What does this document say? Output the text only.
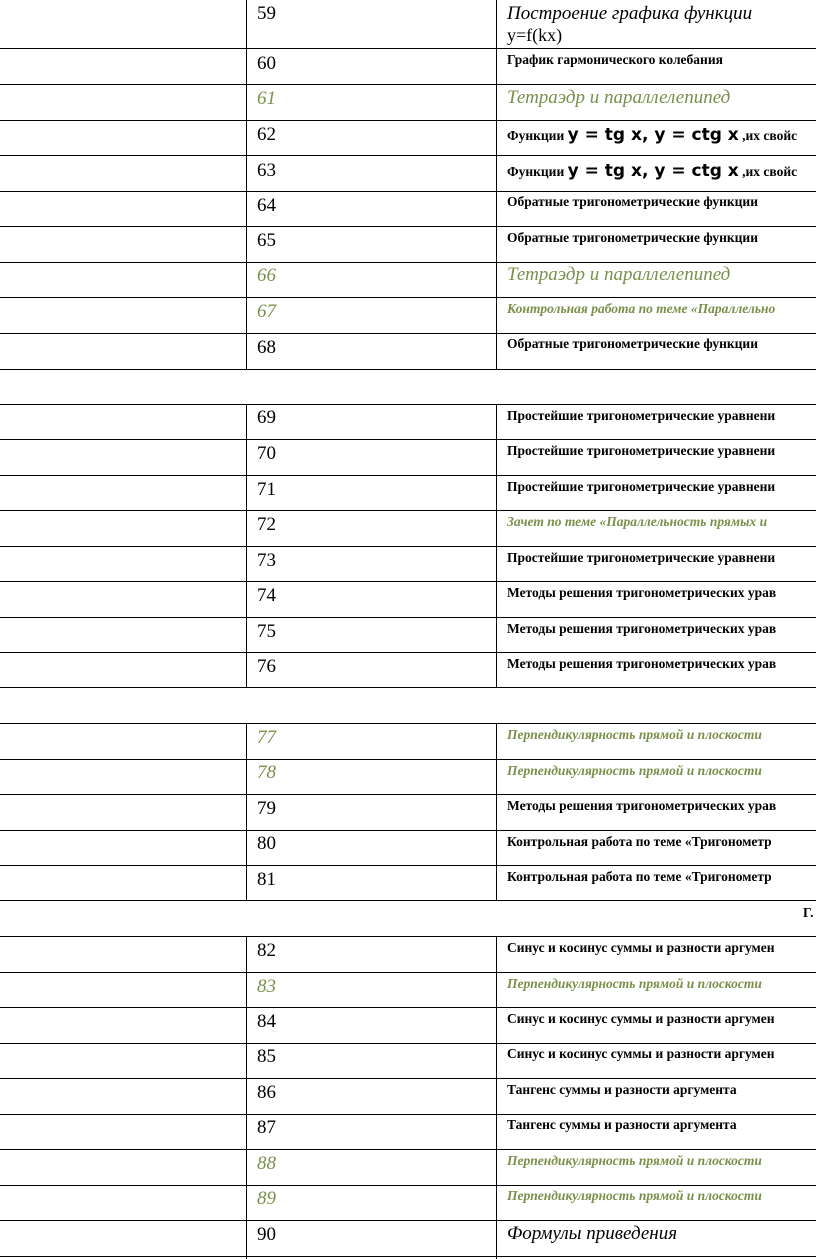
59	Построение графика функции
y=f(kx)
60	График гармонического колебания
61	Тетраэдр и параллелепипед
62	Функции y = tg x, y = ctg x ,их свойс
63	Функции y = tg x, y = ctg x ,их свойс
64	Обратные тригонометрические функции
65	Обратные тригонометрические функции
66	Тетраэдр и параллелепипед
67	Контрольная работа по теме «Параллельно
68	Обратные тригонометрические функции
69	Простейшие тригонометрические уравнени
70	Простейшие тригонометрические уравнени
71	Простейшие тригонометрические уравнени
72	Зачет по теме «Параллельность прямых и
73	Простейшие тригонометрические уравнени
74	Методы решения тригонометрических урав
75	Методы решения тригонометрических урав
76	Методы решения тригонометрических урав
77	Перпендикулярность прямой и плоскости
78	Перпендикулярность прямой и плоскости
79	Методы решения тригонометрических урав
80	Контрольная работа по теме «Тригонометр
81	Контрольная работа по теме «Тригонометр
Г.
82	Синус и косинус суммы и разности аргумен
83	Перпендикулярность прямой и плоскости
84	Синус и косинус суммы и разности аргумен
85	Синус и косинус суммы и разности аргумен
86	Тангенс суммы и разности аргумента
87	Тангенс суммы и разности аргумента
88	Перпендикулярность прямой и плоскости
89	Перпендикулярность прямой и плоскости
90	Формулы приведения
